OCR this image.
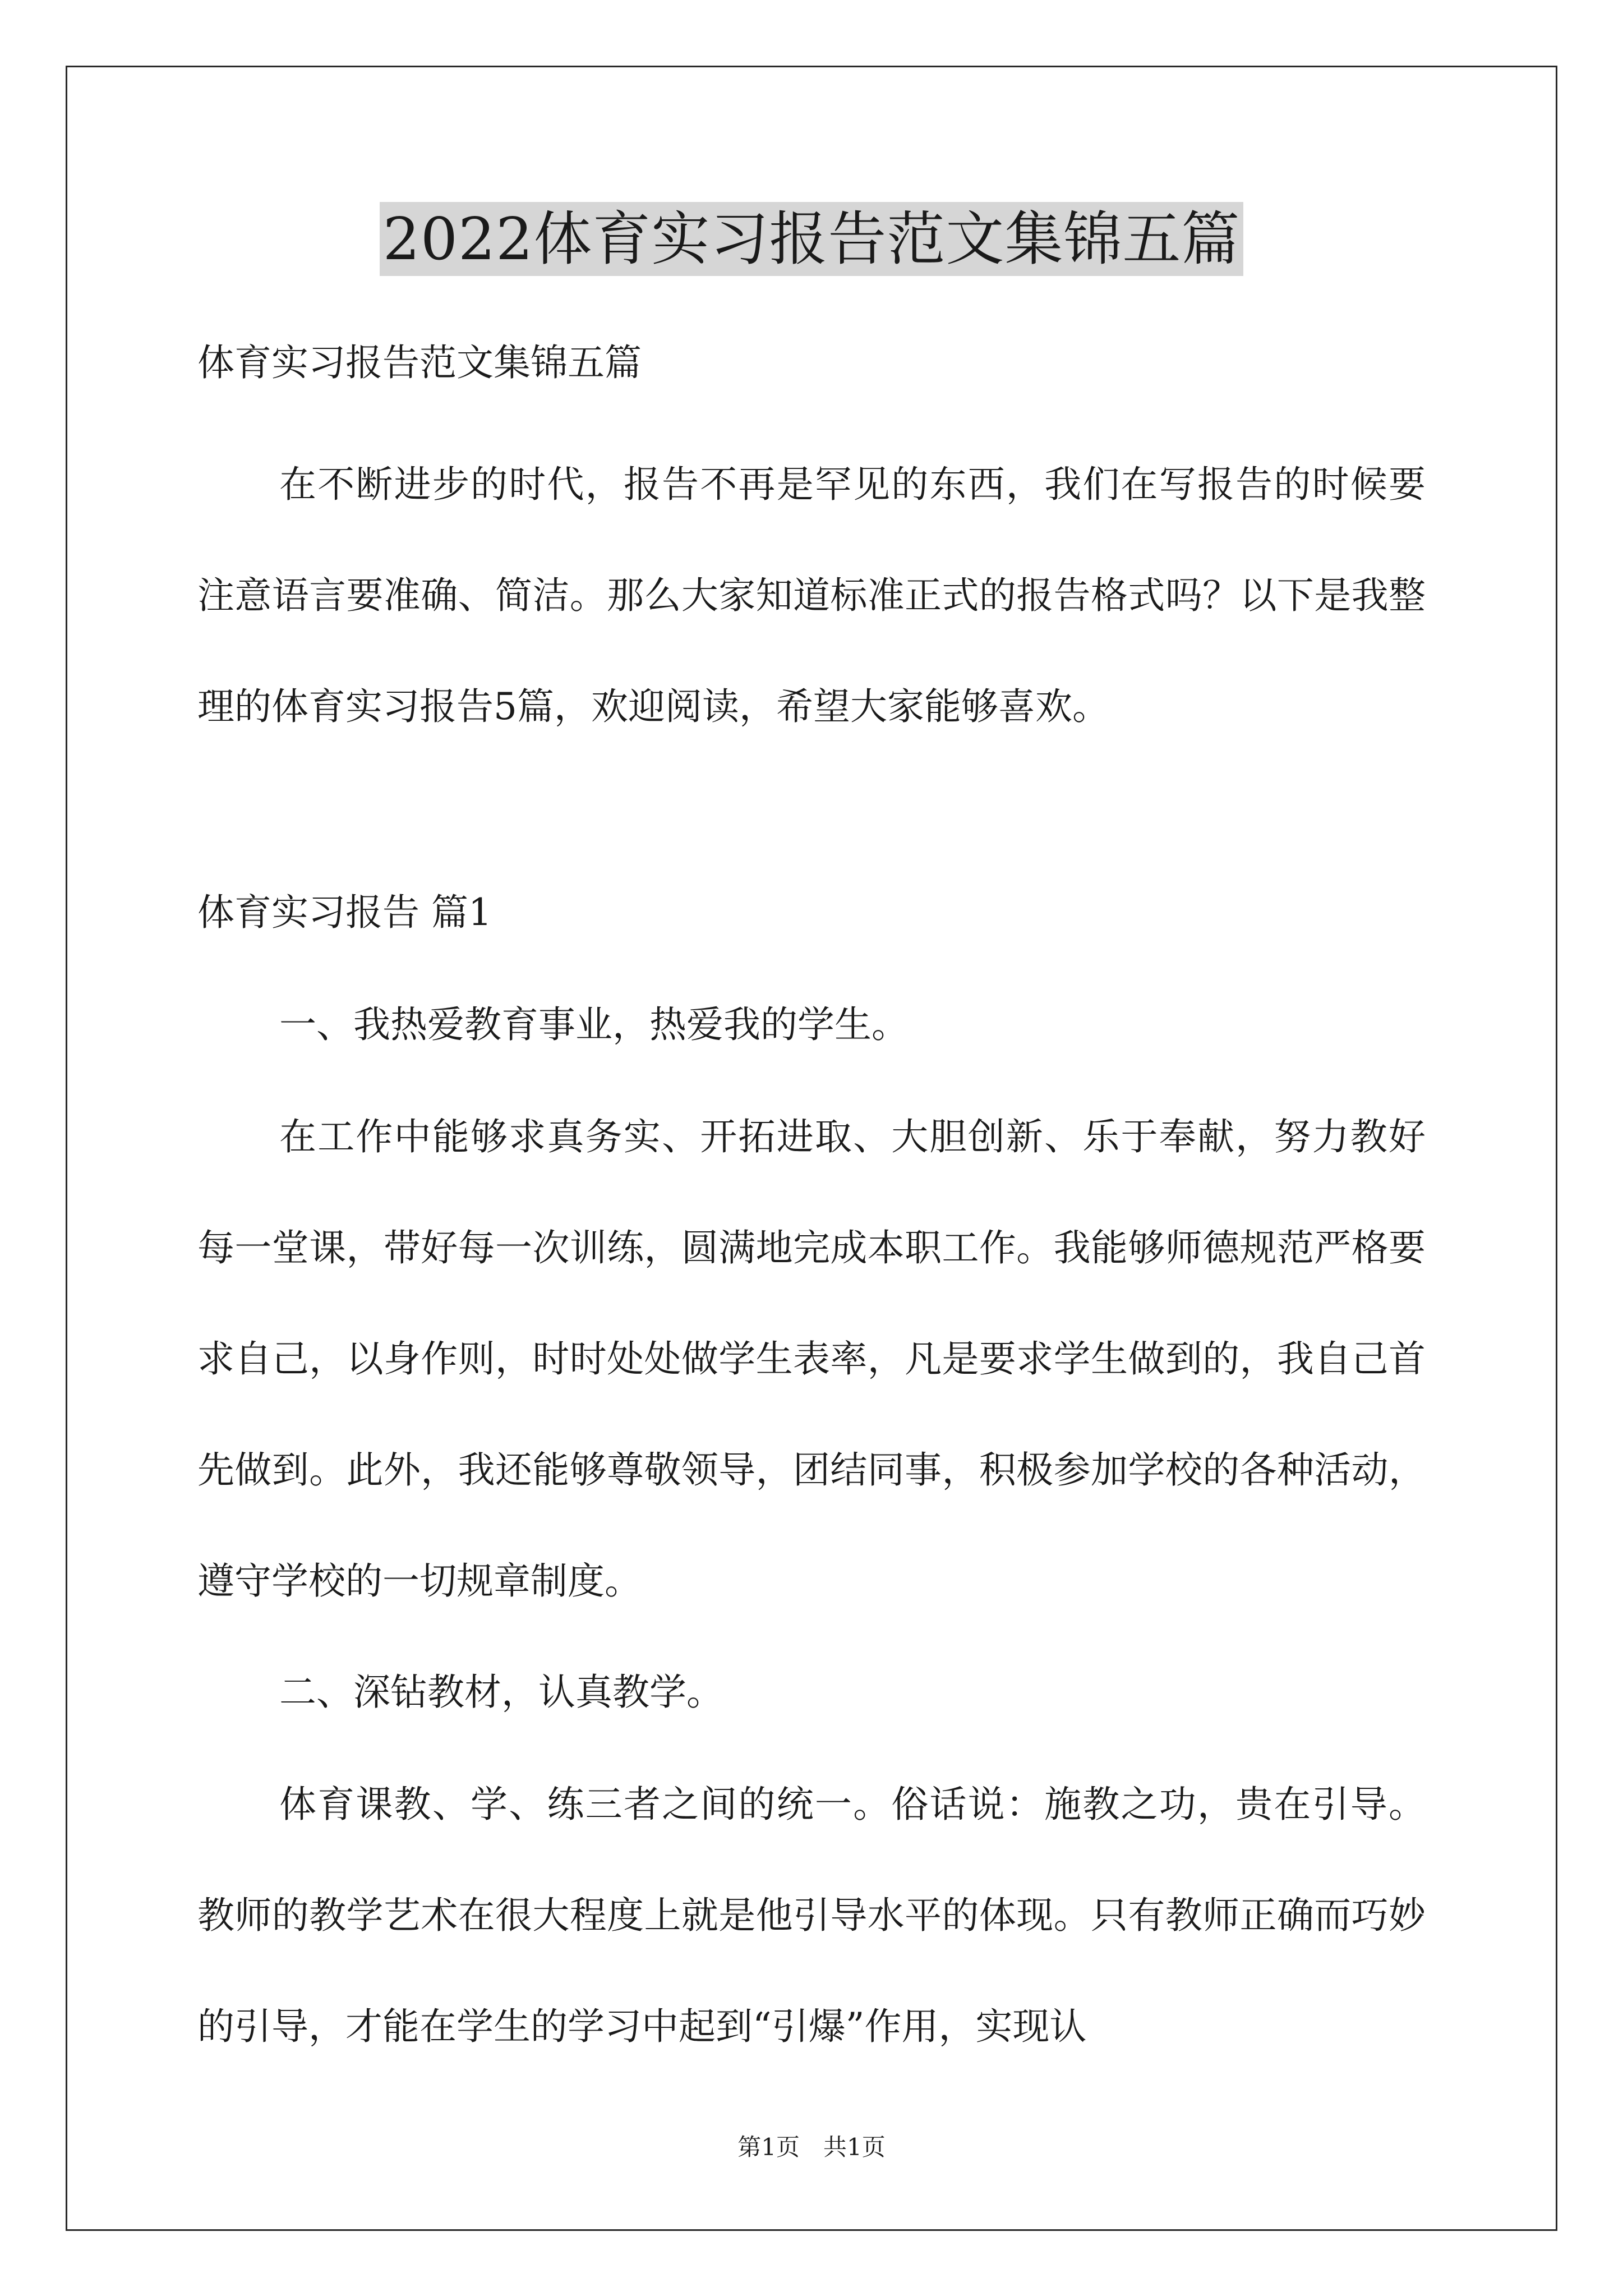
2022体育实习报告范文集锦五篇

体育实习报告范文集锦五篇

在不断进步的时代，报告不再是罕见的东西，我们在写报告的时候要注意语言要准确、简洁。那么大家知道标准正式的报告格式吗？以下是我整理的体育实习报告5篇，欢迎阅读，希望大家能够喜欢。

体育实习报告 篇1

一、我热爱教育事业，热爱我的学生。

在工作中能够求真务实、开拓进取、大胆创新、乐于奉献，努力教好每一堂课，带好每一次训练，圆满地完成本职工作。我能够师德规范严格要求自己，以身作则，时时处处做学生表率，凡是要求学生做到的，我自己首先做到。此外，我还能够尊敬领导，团结同事，积极参加学校的各种活动，遵守学校的一切规章制度。

二、深钻教材，认真教学。

体育课教、学、练三者之间的统一。俗话说：施教之功，贵在引导。教师的教学艺术在很大程度上就是他引导水平的体现。只有教师正确而巧妙的引导，才能在学生的学习中起到“引爆”作用，实现认

第1页　共1页
